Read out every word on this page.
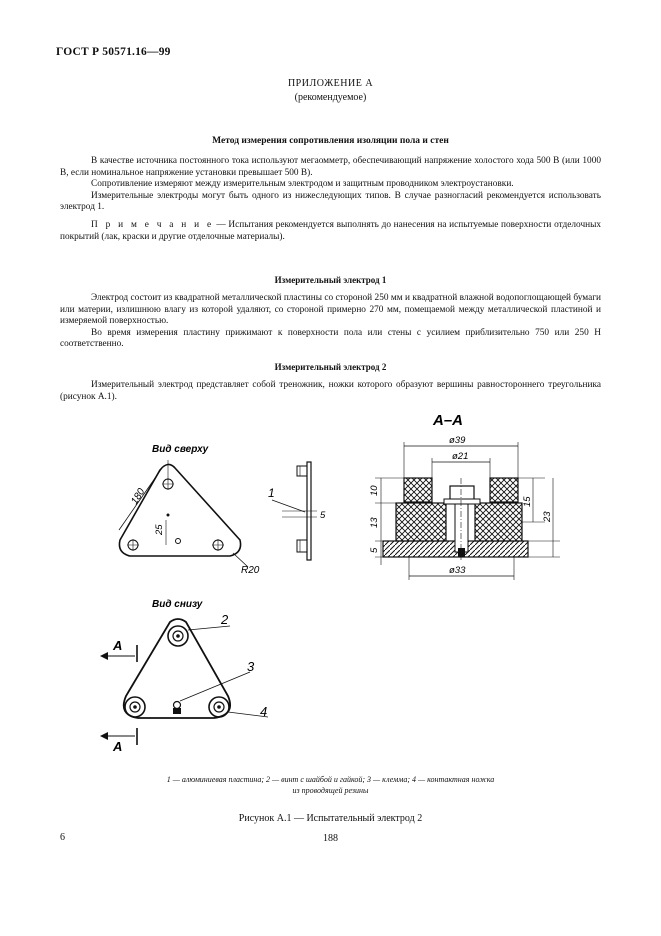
ГОСТ Р 50571.16—99
ПРИЛОЖЕНИЕ А
(рекомендуемое)
Метод измерения сопротивления изоляции пола и стен

В качестве источника постоянного тока используют мегаомметр, обеспечивающий напряжение холостого хода 500 В (или 1000 В, если номинальное напряжение установки превышает 500 В).

Сопротивление измеряют между измерительным электродом и защитным проводником электроустановки.

Измерительные электроды могут быть одного из нижеследующих типов. В случае разногласий рекомендуется использовать электрод 1.

П р и м е ч а н и е — Испытания рекомендуется выполнять до нанесения на испытуемые поверхности отделочных покрытий (лак, краски и другие отделочные материалы).

Измерительный электрод 1

Электрод состоит из квадратной металлической пластины со стороной 250 мм и квадратной влажной водопоглощающей бумаги или материи, излишнюю влагу из которой удаляют, со стороной примерно 270 мм, помещаемой между металлической пластиной и измеряемой поверхностью.

Во время измерения пластину прижимают к поверхности пола или стены с усилием приблизительно 750 или 250 Н соответственно.

Измерительный электрод 2

Измерительный электрод представляет собой треножник, ножки которого образуют вершины равностороннего треугольника (рисунок А.1).

Вид сверху
180
25
R20
1
5
А–А
ø39
ø21
10
13
5
15
23
ø33
Вид снизу
2
3
4
А
А
1 — алюминиевая пластина; 2 — винт с шайбой и гайкой; 3 — клемма; 4 — контактная ножка
из проводящей резины
Рисунок А.1 — Испытательный электрод 2
6	188
